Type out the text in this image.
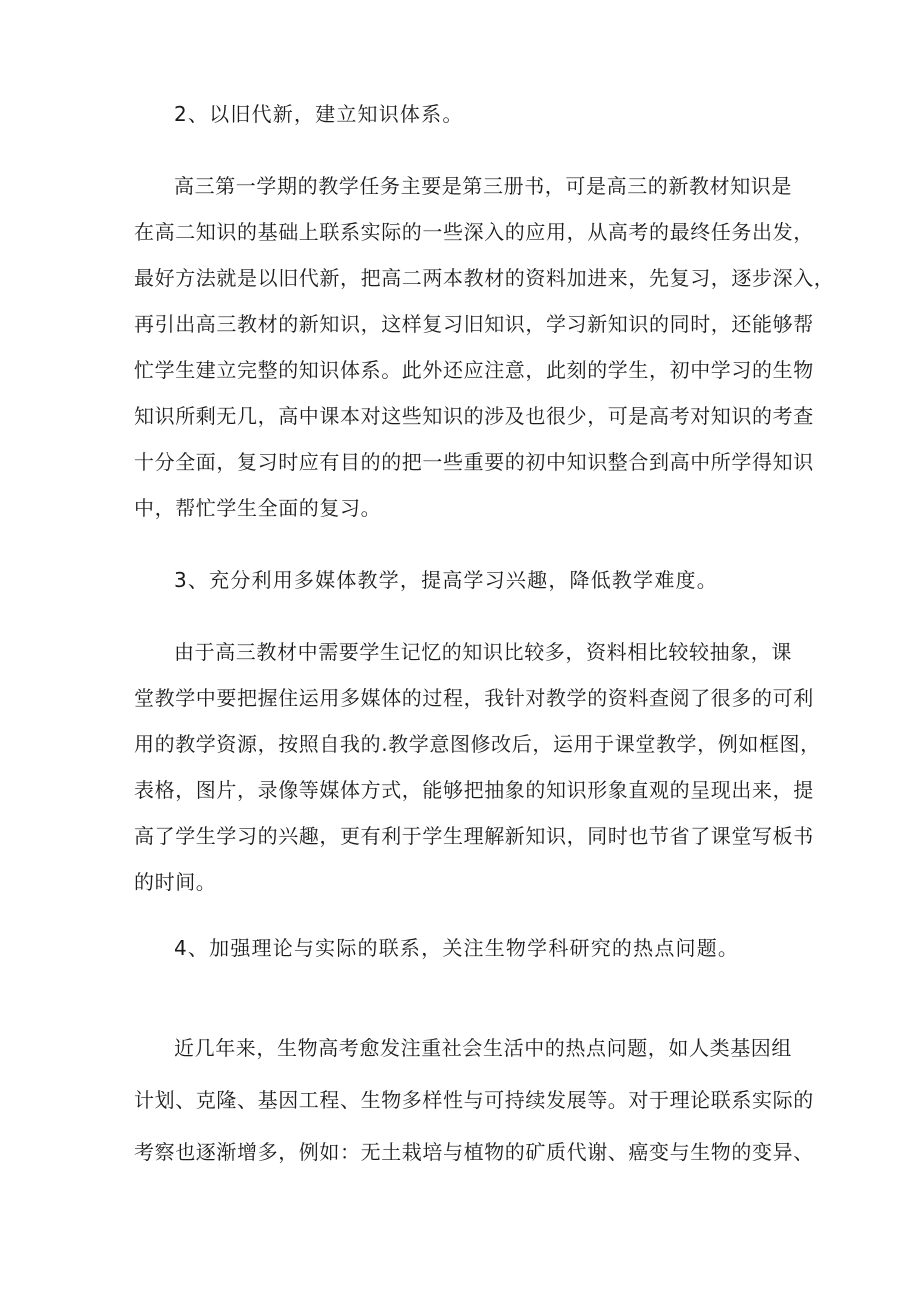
2、以旧代新，建立知识体系。
高三第一学期的教学任务主要是第三册书，可是高三的新教材知识是
在高二知识的基础上联系实际的一些深入的应用，从高考的最终任务出发，
最好方法就是以旧代新，把高二两本教材的资料加进来，先复习，逐步深入，
再引出高三教材的新知识，这样复习旧知识，学习新知识的同时，还能够帮
忙学生建立完整的知识体系。此外还应注意，此刻的学生，初中学习的生物
知识所剩无几，高中课本对这些知识的涉及也很少，可是高考对知识的考查
十分全面，复习时应有目的的把一些重要的初中知识整合到高中所学得知识
中，帮忙学生全面的复习。
3、充分利用多媒体教学，提高学习兴趣，降低教学难度。
由于高三教材中需要学生记忆的知识比较多，资料相比较较抽象，课
堂教学中要把握住运用多媒体的过程，我针对教学的资料查阅了很多的可利
用的教学资源，按照自我的.教学意图修改后，运用于课堂教学，例如框图，
表格，图片，录像等媒体方式，能够把抽象的知识形象直观的呈现出来，提
高了学生学习的兴趣，更有利于学生理解新知识，同时也节省了课堂写板书
的时间。
4、加强理论与实际的联系，关注生物学科研究的热点问题。
近几年来，生物高考愈发注重社会生活中的热点问题，如人类基因组
计划、克隆、基因工程、生物多样性与可持续发展等。对于理论联系实际的
考察也逐渐增多，例如：无土栽培与植物的矿质代谢、癌变与生物的变异、
